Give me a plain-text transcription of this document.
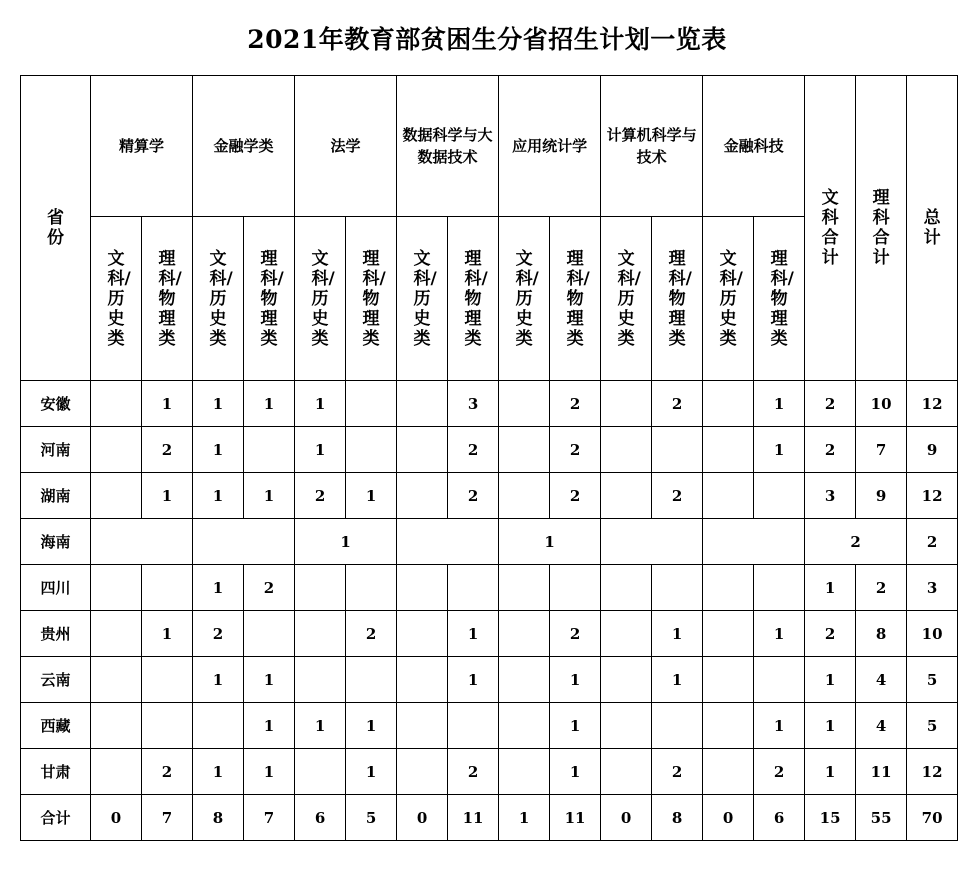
2021年教育部贫困生分省招生计划一览表
省份	精算学		金融学类		法学		数据科学与大数据技术		应用统计学		计算机科学与技术		金融科技		文科合计	理科合计	总计
	文科/历史类	理科/物理类	文科/历史类	理科/物理类	文科/历史类	理科/物理类	文科/历史类	理科/物理类	文科/历史类	理科/物理类	文科/历史类	理科/物理类	文科/历史类	理科/物理类			
安徽		1	1	1	1			3		2		2		1	2	10	12
河南		2	1		1			2		2				1	2	7	9
湖南		1	1	1	2	1		2		2		2			3	9	12
海南					1				1						2		2
四川			1	2											1	2	3
贵州		1	2			2		1		2		1		1	2	8	10
云南			1	1				1		1		1			1	4	5
西藏				1	1	1				1				1	1	4	5
甘肃		2	1	1		1		2		1		2		2	1	11	12
合计	0	7	8	7	6	5	0	11	1	11	0	8	0	6	15	55	70
